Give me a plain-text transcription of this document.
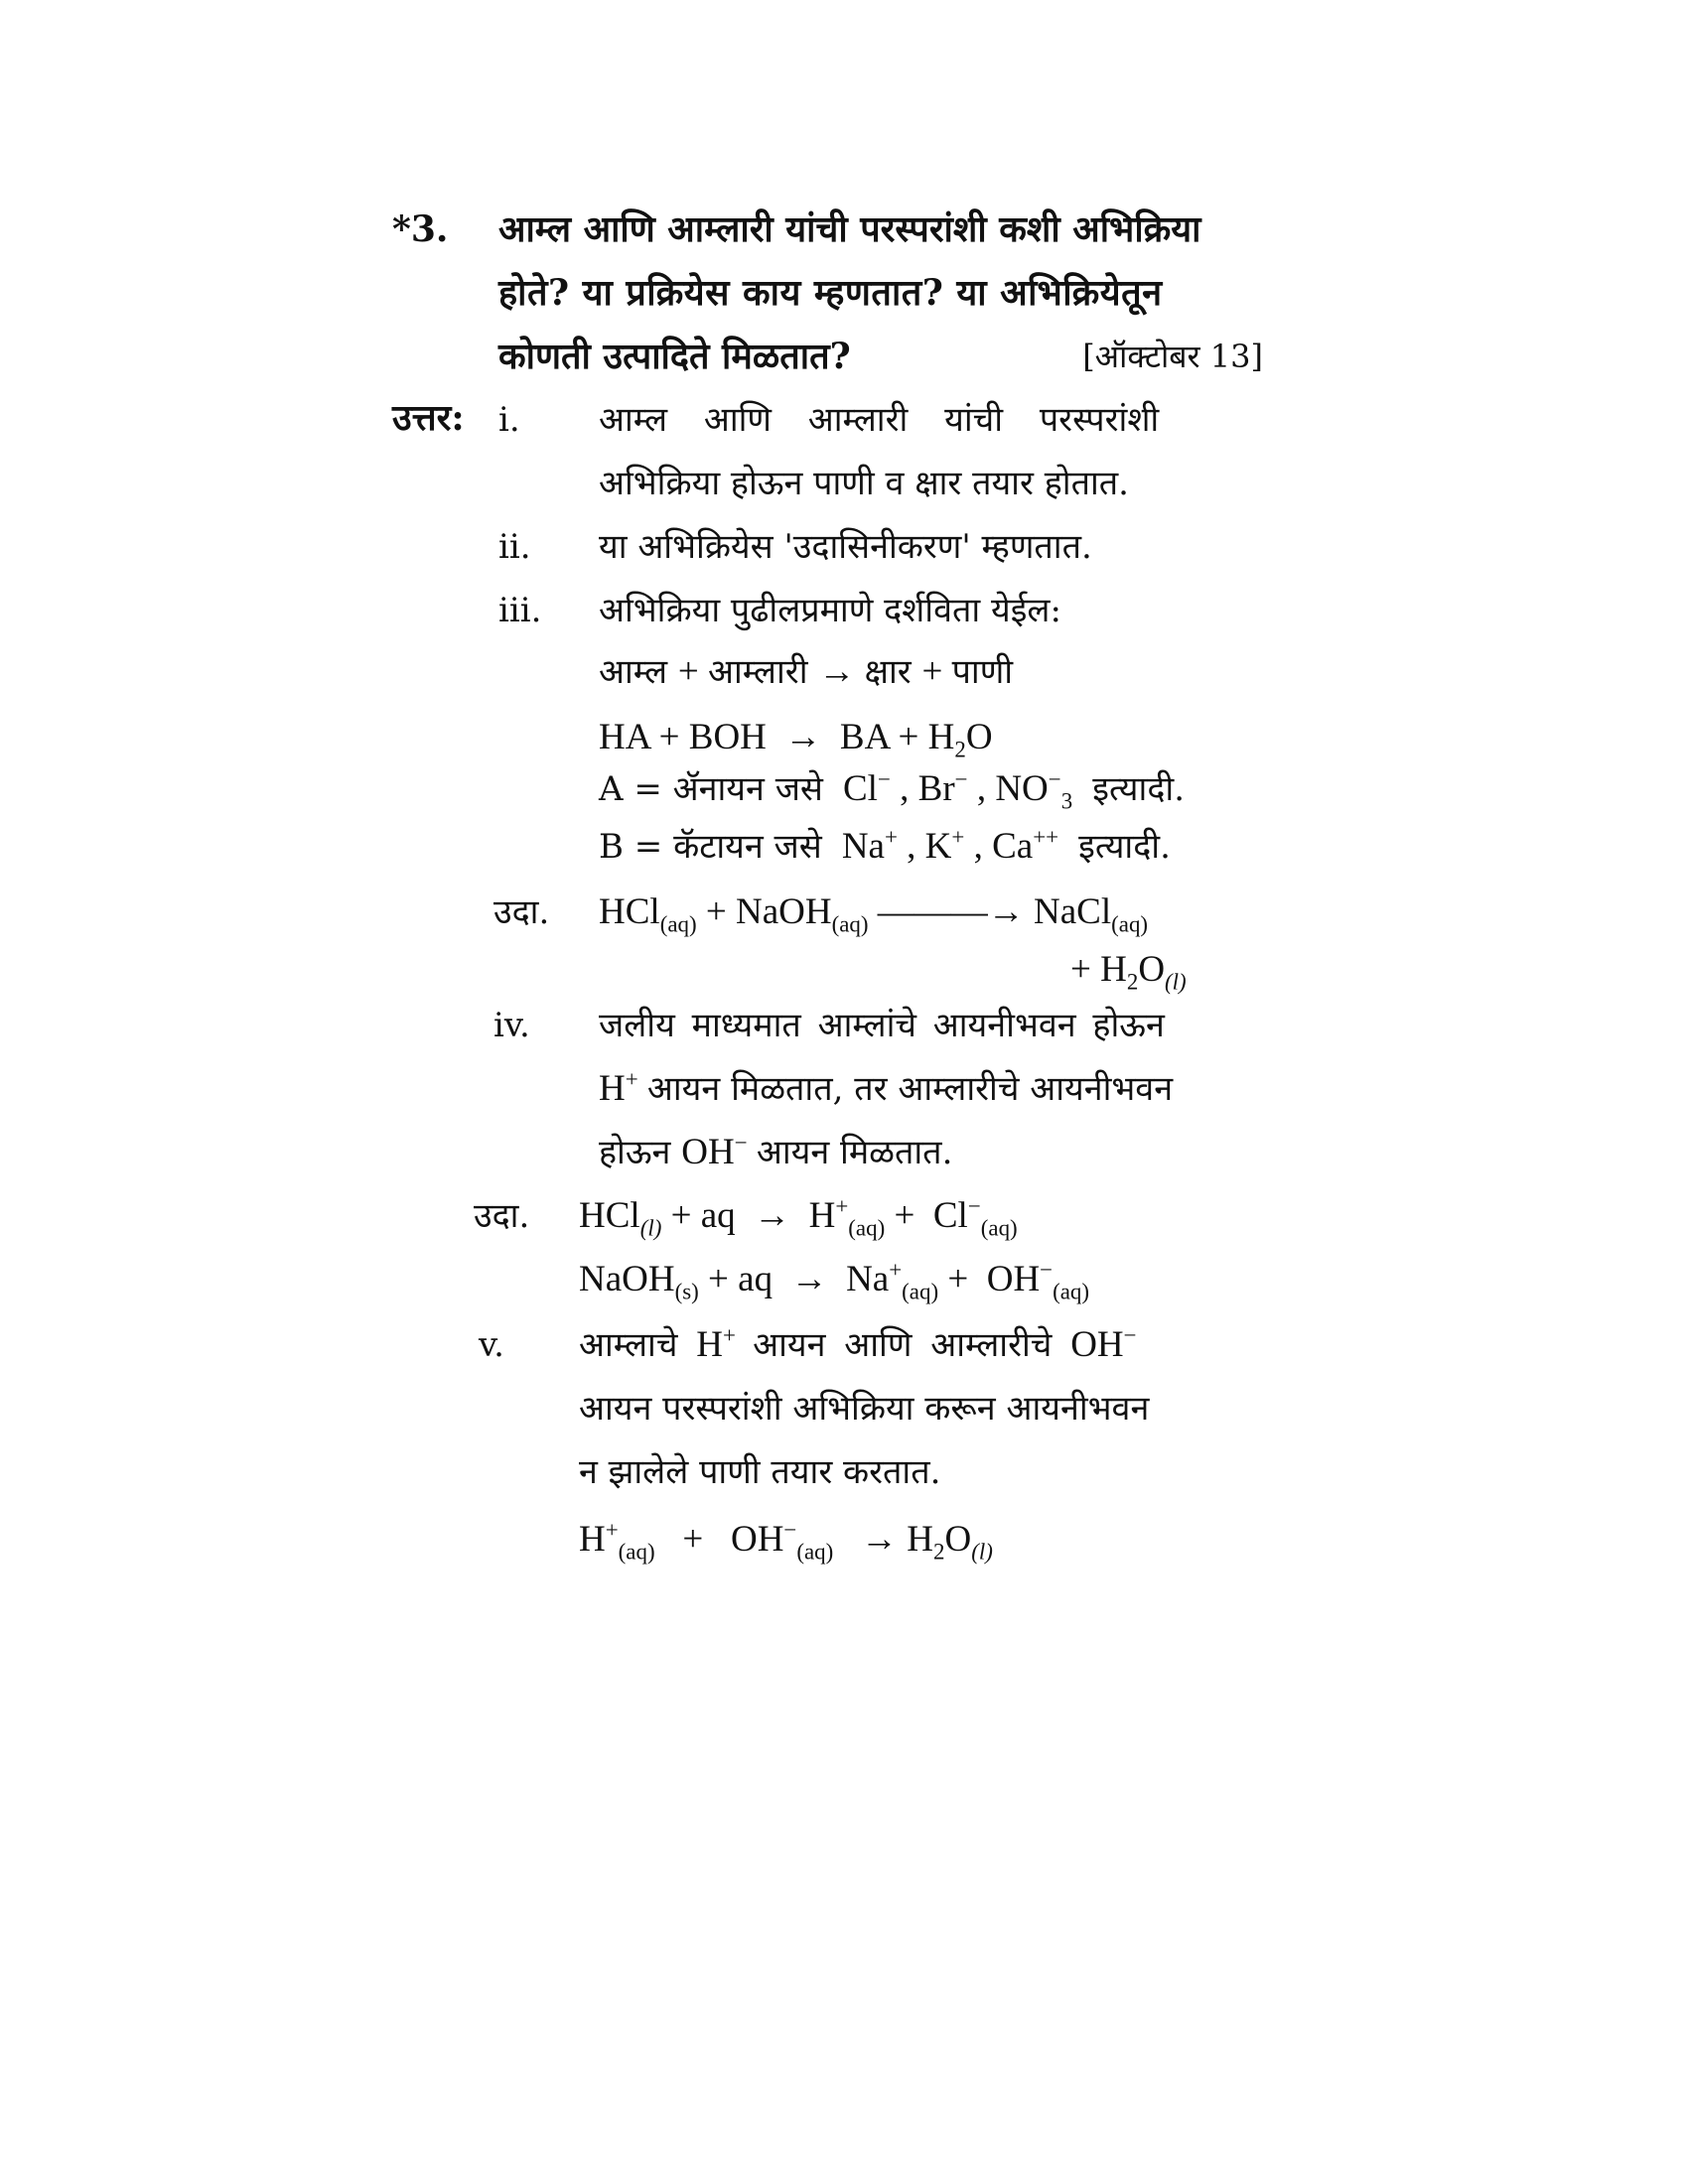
*3. आम्ल आणि आम्लारी यांची परस्परांशी कशी अभिक्रिया
होते? या प्रक्रियेस काय म्हणतात? या अभिक्रियेतून
कोणती उत्पादिते मिळतात?	[ऑक्टोबर 13]
उत्तर: i. आम्ल आणि आम्लारी यांची परस्परांशी
अभिक्रिया होऊन पाणी व क्षार तयार होतात.
ii. या अभिक्रियेस 'उदासिनीकरण' म्हणतात.
iii. अभिक्रिया पुढीलप्रमाणे दर्शविता येईल:
आम्ल + आम्लारी → क्षार + पाणी
HA + BOH  →  BA + $H_2O$
A = ॲनायन जसे  Cl− , Br− , $NO^-_3$ इत्यादी.
B = कॅटायन जसे  Na+ , K+ , Ca++ इत्यादी.
उदा. HCl$_{(aq)}$ + NaOH$_{(aq)}$ ———→ NaCl$_{(aq)}$
+ $H_2O_{(l)}$
iv. जलीय माध्यमात आम्लांचे आयनीभवन होऊन
H+ आयन मिळतात, तर आम्लारीचे आयनीभवन
होऊन OH− आयन मिळतात.
उदा. HCl$_{(l)}$ + aq  →  $H^+_{(aq)} + Cl^-_{(aq)}$
NaOH$_{(s)}$ + aq  →  $Na^+_{(aq)} + OH^-_{(aq)}$
v. आम्लाचे H+ आयन आणि आम्लारीचे OH−
आयन परस्परांशी अभिक्रिया करून आयनीभवन
न झालेले पाणी तयार करतात.
$H^+_{(aq)} + OH^-_{(aq)} \to H_2O_{(l)}$
